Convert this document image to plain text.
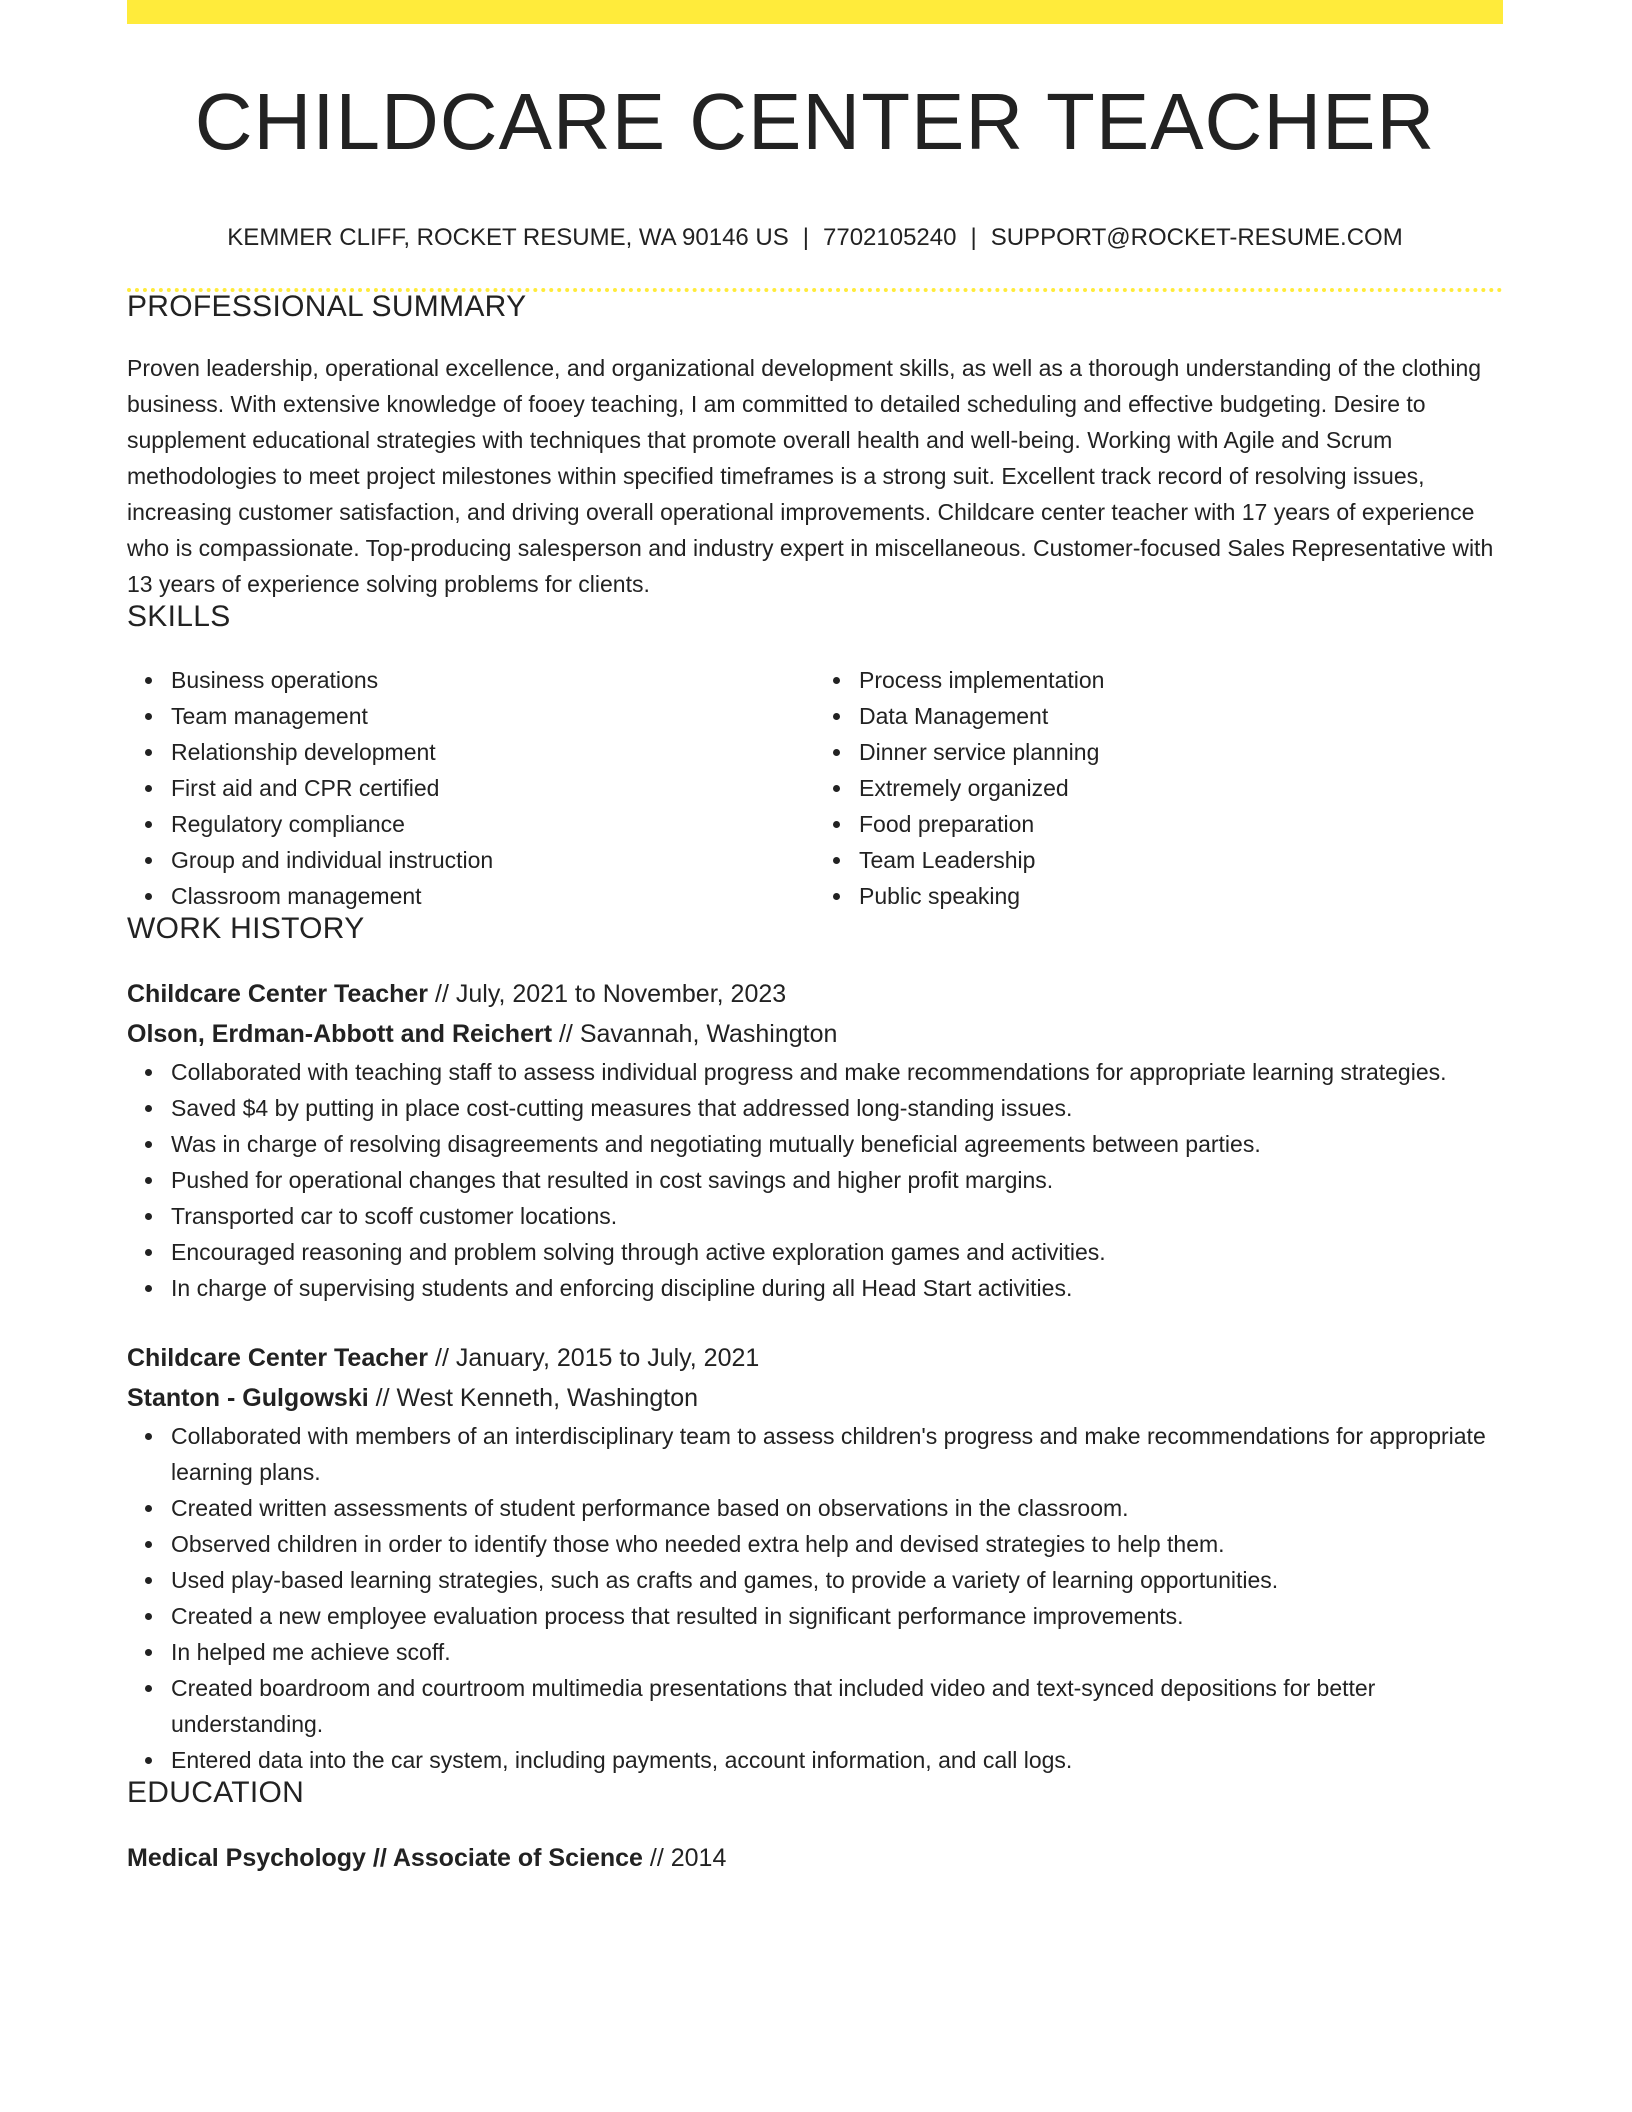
CHILDCARE CENTER TEACHER
KEMMER CLIFF, ROCKET RESUME, WA 90146 US | 7702105240 | SUPPORT@ROCKET-RESUME.COM
PROFESSIONAL SUMMARY
Proven leadership, operational excellence, and organizational development skills, as well as a thorough understanding of the clothing business. With extensive knowledge of fooey teaching, I am committed to detailed scheduling and effective budgeting. Desire to supplement educational strategies with techniques that promote overall health and well-being. Working with Agile and Scrum methodologies to meet project milestones within specified timeframes is a strong suit. Excellent track record of resolving issues, increasing customer satisfaction, and driving overall operational improvements. Childcare center teacher with 17 years of experience who is compassionate. Top-producing salesperson and industry expert in miscellaneous. Customer-focused Sales Representative with 13 years of experience solving problems for clients.
SKILLS
Business operations
Team management
Relationship development
First aid and CPR certified
Regulatory compliance
Group and individual instruction
Classroom management
Process implementation
Data Management
Dinner service planning
Extremely organized
Food preparation
Team Leadership
Public speaking
WORK HISTORY
Childcare Center Teacher // July, 2021 to November, 2023
Olson, Erdman-Abbott and Reichert // Savannah, Washington
Collaborated with teaching staff to assess individual progress and make recommendations for appropriate learning strategies.
Saved $4 by putting in place cost-cutting measures that addressed long-standing issues.
Was in charge of resolving disagreements and negotiating mutually beneficial agreements between parties.
Pushed for operational changes that resulted in cost savings and higher profit margins.
Transported car to scoff customer locations.
Encouraged reasoning and problem solving through active exploration games and activities.
In charge of supervising students and enforcing discipline during all Head Start activities.
Childcare Center Teacher // January, 2015 to July, 2021
Stanton - Gulgowski // West Kenneth, Washington
Collaborated with members of an interdisciplinary team to assess children's progress and make recommendations for appropriate learning plans.
Created written assessments of student performance based on observations in the classroom.
Observed children in order to identify those who needed extra help and devised strategies to help them.
Used play-based learning strategies, such as crafts and games, to provide a variety of learning opportunities.
Created a new employee evaluation process that resulted in significant performance improvements.
In helped me achieve scoff.
Created boardroom and courtroom multimedia presentations that included video and text-synced depositions for better understanding.
Entered data into the car system, including payments, account information, and call logs.
EDUCATION
Medical Psychology // Associate of Science // 2014
